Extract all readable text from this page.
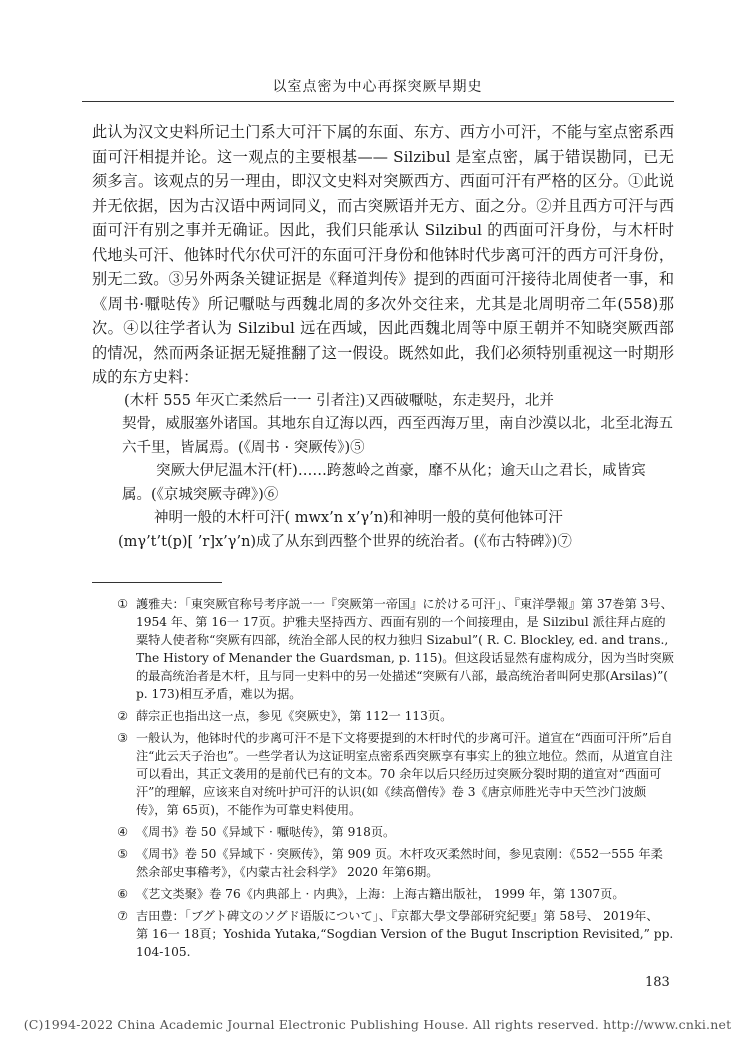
以室点密为中心再探突厥早期史

此认为汉文史料所记土门系大可汗下属的东面、东方、西方小可汗，不能与室点密系西面可汗相提并论。这一观点的主要根基—— Silzibul 是室点密，属于错误勘同，已无须多言。该观点的另一理由，即汉文史料对突厥西方、西面可汗有严格的区分。①此说并无依据，因为古汉语中两词同义，而古突厥语并无方、面之分。②并且西方可汗与西面可汗有别之事并无确证。因此，我们只能承认 Silzibul 的西面可汗身份，与木杆时代地头可汗、他钵时代尔伏可汗的东面可汗身份和他钵时代步离可汗的西方可汗身份，别无二致。③另外两条关键证据是《释道判传》提到的西面可汗接待北周使者一事，和《周书·嚈哒传》所记嚈哒与西魏北周的多次外交往来，尤其是北周明帝二年(558)那次。④以往学者认为 Silzibul 远在西域，因此西魏北周等中原王朝并不知晓突厥西部的情况，然而两条证据无疑推翻了这一假设。既然如此，我们必须特别重视这一时期形成的东方史料：

(木杆 555 年灭亡柔然后一一 引者注)又西破嚈哒，东走契丹，北并

契骨，威服塞外诸国。其地东自辽海以西，西至西海万里，南自沙漠以北，北至北海五六千里，皆属焉。(《周书 · 突厥传》)⑤

突厥大伊尼温木汗(杆)……跨葱岭之酋豪，靡不从化；逾天山之君长，咸皆宾属。(《京城突厥寺碑》)⑥

神明一般的木杆可汗( mwx’n x’γ’n)和神明一般的莫何他钵可汗

(mγ’t’t(p)[ ’r]x’γ’n)成了从东到西整个世界的统治者。(《布古特碑》)⑦

① 護雅夫：「東突厥官称号考序説一一『突厥第一帝国』に於ける可汗」、『東洋學報』第 37巻第 3号、 1954 年、第 16一 17页。护雅夫坚持西方、西面有别的一个间接理由，是 Silzibul 派往拜占庭的粟特人使者称“突厥有四部，统治全部人民的权力独归 Sizabul”( R. C. Blockley, ed. and trans., The History of Menander the Guardsman, p. 115)。但这段话显然有虚构成分，因为当时突厥的最高统治者是木杆，且与同一史料中的另一处描述“突厥有八部，最高统治者叫阿史那(Arsilas)”( p. 173)相互矛盾，难以为据。

② 薛宗正也指出这一点，参见《突厥史》，第 112一 113页。

③ 一般认为，他钵时代的步离可汗不是下文将要提到的木杆时代的步离可汗。道宣在“西面可汗所”后自注“此云天子治也”。一些学者认为这证明室点密系西突厥享有事实上的独立地位。然而，从道宣自注可以看出，其正文袭用的是前代已有的文本。70 余年以后只经历过突厥分裂时期的道宣对“西面可汗”的理解，应该来自对统叶护可汗的认识(如《续高僧传》卷 3《唐京师胜光寺中天竺沙门波颇传》，第 65页)，不能作为可靠史料使用。

④ 《周书》卷 50《异域下 · 嚈哒传》，第 918页。

⑤ 《周书》卷 50《异域下 · 突厥传》，第 909 页。木杆攻灭柔然时间，参见袁刚：《552一555 年柔然余部史事稽考》，《内蒙古社会科学》 2020 年第6期。

⑥ 《艺文类聚》卷 76《内典部上 · 内典》，上海：上海古籍出版社， 1999 年，第 1307页。

⑦ 吉田豊：「ブグト碑文のソグド语版について」、『京都大學文學部研究紀要』第 58号、 2019年、 第 16一 18頁；Yoshida Yutaka,“Sogdian Version of the Bugut Inscription Revisited,” pp. 104-105.

183
(C)1994-2022 China Academic Journal Electronic Publishing House. All rights reserved. http://www.cnki.net
